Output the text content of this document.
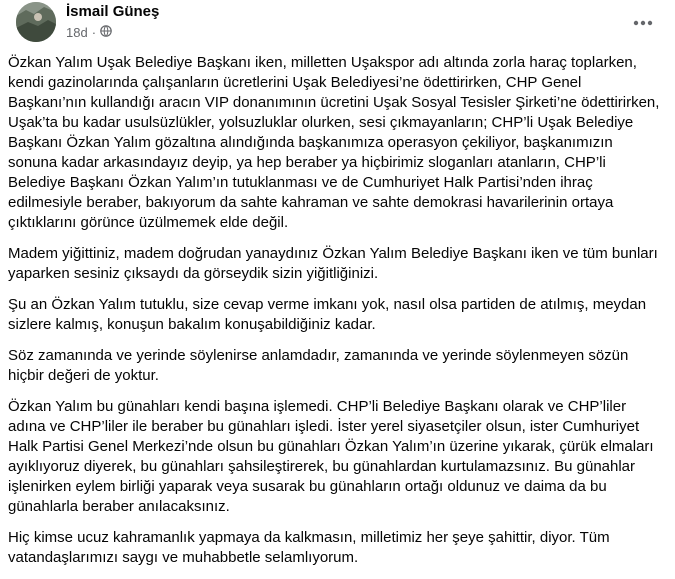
İsmail Güneş
18d ·

Özkan Yalım Uşak Belediye Başkanı iken, milletten Uşakspor adı altında zorla haraç toplarken, kendi gazinolarında çalışanların ücretlerini Uşak Belediyesi’ne ödettirirken, CHP Genel Başkanı’nın kullandığı aracın VIP donanımının ücretini Uşak Sosyal Tesisler Şirketi’ne ödettirirken, Uşak’ta bu kadar usulsüzlükler, yolsuzluklar olurken, sesi çıkmayanların; CHP’li Uşak Belediye Başkanı Özkan Yalım gözaltına alındığında başkanımıza operasyon çekiliyor, başkanımızın sonuna kadar arkasındayız deyip, ya hep beraber ya hiçbirimiz sloganları atanların, CHP’li Belediye Başkanı Özkan Yalım’ın tutuklanması ve de Cumhuriyet Halk Partisi’nden ihraç edilmesiyle beraber, bakıyorum da sahte kahraman ve sahte demokrasi havarilerinin ortaya çıktıklarını görünce üzülmemek elde değil.

Madem yiğittiniz, madem doğrudan yanaydınız Özkan Yalım Belediye Başkanı iken ve tüm bunları yaparken sesiniz çıksaydı da görseydik sizin yiğitliğinizi.

Şu an Özkan Yalım tutuklu, size cevap verme imkanı yok, nasıl olsa partiden de atılmış, meydan sizlere kalmış, konuşun bakalım konuşabildiğiniz kadar.

Söz zamanında ve yerinde söylenirse anlamdadır, zamanında ve yerinde söylenmeyen sözün hiçbir değeri de yoktur.

Özkan Yalım bu günahları kendi başına işlemedi. CHP’li Belediye Başkanı olarak ve CHP’liler adına ve CHP’liler ile beraber bu günahları işledi. İster yerel siyasetçiler olsun, ister Cumhuriyet Halk Partisi Genel Merkezi’nde olsun bu günahları Özkan Yalım’ın üzerine yıkarak, çürük elmaları ayıklıyoruz diyerek, bu günahları şahsileştirerek, bu günahlardan kurtulamazsınız. Bu günahlar işlenirken eylem birliği yaparak veya susarak bu günahların ortağı oldunuz ve daima da bu günahlarla beraber anılacaksınız.

Hiç kimse ucuz kahramanlık yapmaya da kalkmasın, milletimiz her şeye şahittir, diyor. Tüm vatandaşlarımızı saygı ve muhabbetle selamlıyorum.
